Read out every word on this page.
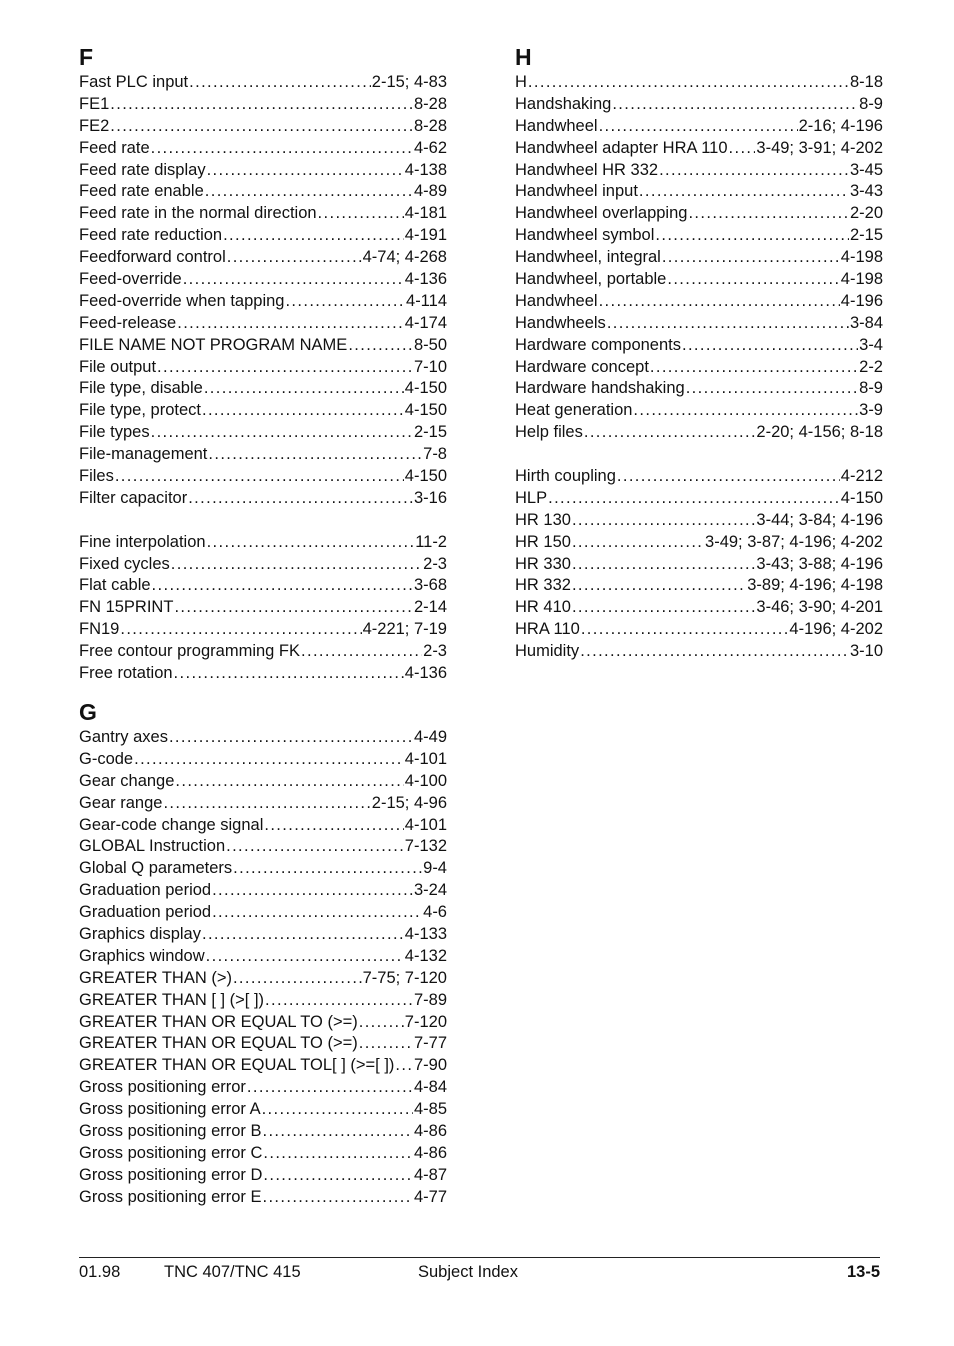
F
Fast PLC input . . .	2-15; 4-83
FE1 . . .	8-28
FE2 . . .	8-28
Feed rate . . .	4-62
Feed rate display . . .	4-138
Feed rate enable . . .	4-89
Feed rate in the normal direction . . .	4-181
Feed rate reduction . . .	4-191
Feedforward control . . .	4-74; 4-268
Feed-override . . .	4-136
Feed-override when tapping . . .	4-114
Feed-release . . .	4-174
FILE NAME NOT PROGRAM NAME . . .	8-50
File output . . .	7-10
File type, disable . . .	4-150
File type, protect . . .	4-150
File types . . .	2-15
File-management . . .	7-8
Files . . .	4-150
Filter capacitor . . .	3-16
Fine interpolation . . .	11-2
Fixed cycles . . .	2-3
Flat cable . . .	3-68
FN 15PRINT . . .	2-14
FN19 . . .	4-221; 7-19
Free contour programming FK . . .	2-3
Free rotation . . .	4-136
G
Gantry axes . . .	4-49
G-code . . .	4-101
Gear change . . .	4-100
Gear range . . .	2-15; 4-96
Gear-code change signal . . .	4-101
GLOBAL Instruction . . .	7-132
Global Q parameters . . .	9-4
Graduation period . . .	3-24
Graduation period . . .	4-6
Graphics display . . .	4-133
Graphics window . . .	4-132
GREATER THAN (>) . . .	7-75; 7-120
GREATER THAN [ ] (>[ ]) . . .	7-89
GREATER THAN OR EQUAL TO (>=) . . .	7-120
GREATER THAN OR EQUAL TO (>=) . . .	7-77
GREATER THAN OR EQUAL TOL[ ] (>=[ ]) . . . 7-90
Gross positioning error . . .	4-84
Gross positioning error A . . .	4-85
Gross positioning error B . . .	4-86
Gross positioning error C . . .	4-86
Gross positioning error D . . .	4-87
Gross positioning error E . . .	4-77
H
H . . .	8-18
Handshaking . . .	8-9
Handwheel . . .	2-16; 4-196
Handwheel adapter HRA 110 . . . 3-49; 3-91; 4-202
Handwheel HR 332 . . .	3-45
Handwheel input . . .	3-43
Handwheel overlapping . . .	2-20
Handwheel symbol . . .	2-15
Handwheel, integral . . .	4-198
Handwheel, portable . . .	4-198
Handwheel . . .	4-196
Handwheels . . .	3-84
Hardware components . . .	3-4
Hardware concept . . .	2-2
Hardware handshaking . . .	8-9
Heat generation . . .	3-9
Help files . . .	2-20; 4-156; 8-18
Hirth coupling . . .	4-212
HLP . . .	4-150
HR 130 . . .	3-44; 3-84; 4-196
HR 150 . . .	3-49; 3-87; 4-196; 4-202
HR 330 . . .	3-43; 3-88; 4-196
HR 332 . . .	3-89; 4-196; 4-198
HR 410 . . .	3-46; 3-90; 4-201
HRA 110 . . .	4-196; 4-202
Humidity . . .	3-10
01.98	TNC 407/TNC 415	Subject Index	13-5
